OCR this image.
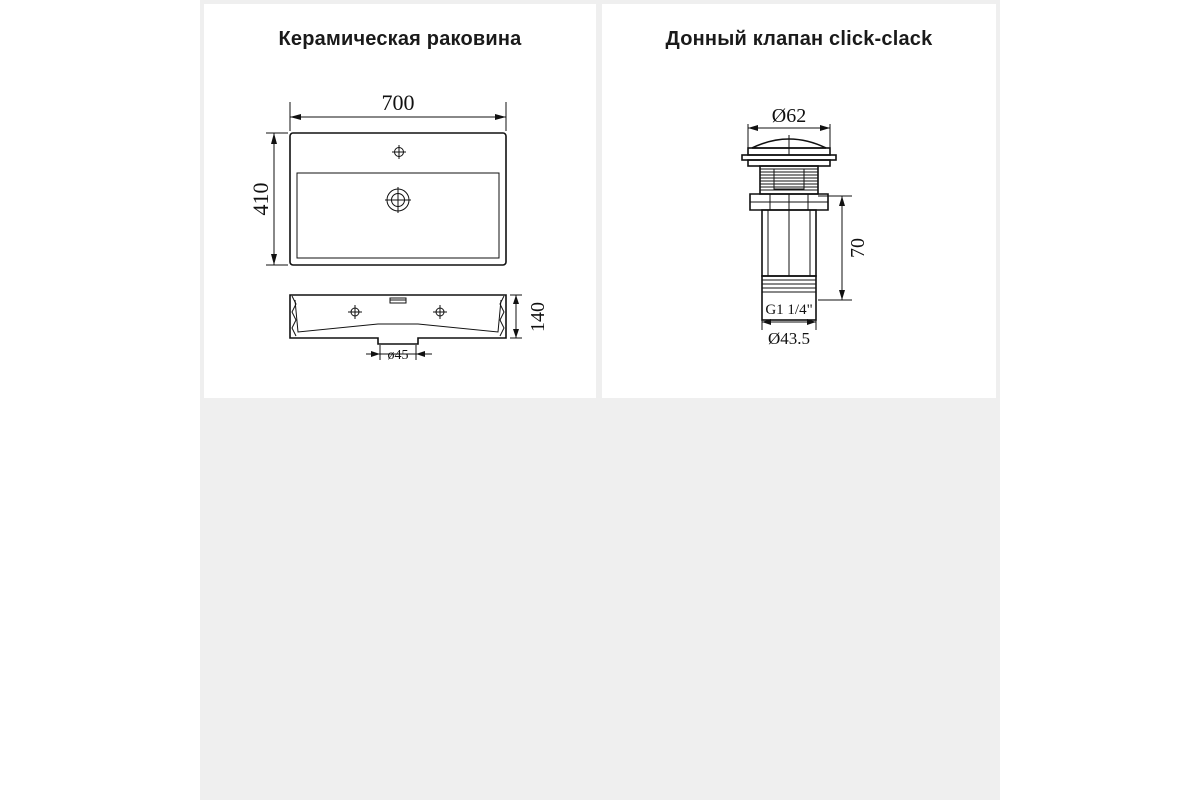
Керамическая раковина
700
410
140
ø45
Донный клапан click-clack
Ø62
70
G1 1/4"
Ø43.5
